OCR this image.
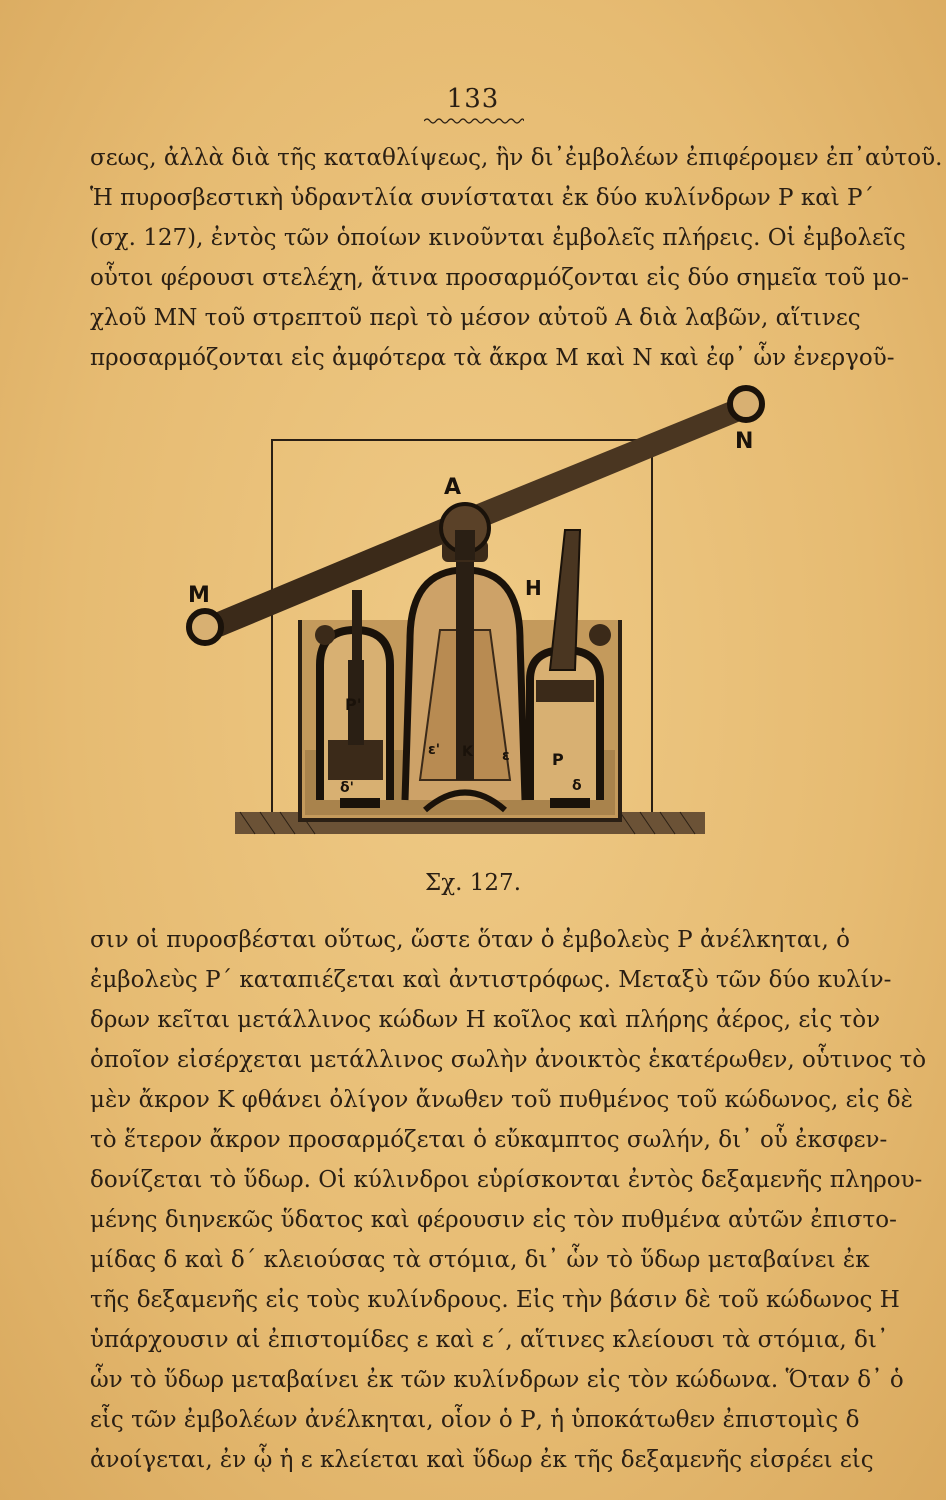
133
σεως, ἀλλὰ διὰ τῆς καταθλίψεως, ἣν δι᾽ἐμβολέων ἐπιφέρομεν ἐπ᾽αὐτοῦ.
Ἡ πυροσβεστικὴ ὑδραντλία συνίσταται ἐκ δύο κυλίνδρων Ρ καὶ Ρ΄
(σχ. 127), ἐντὸς τῶν ὁποίων κινοῦνται ἐμβολεῖς πλήρεις. Οἱ ἐμβολεῖς
οὗτοι φέρουσι στελέχη, ἅτινα προσαρμόζονται εἰς δύο σημεῖα τοῦ μο-
χλοῦ ΜΝ τοῦ στρεπτοῦ περὶ τὸ μέσον αὐτοῦ Α διὰ λαβῶν, αἵτινες
προσαρμόζονται εἰς ἀμφότερα τὰ ἄκρα Μ καὶ Ν καὶ ἐφ᾽ ὧν ἐνεργοῦ-
M
N
A
H
P'
P
K ε
ε'
δ'	δ
Σχ. 127.
σιν οἱ πυροσβέσται οὕτως, ὥστε ὅταν ὁ ἐμβολεὺς Ρ ἀνέλκηται, ὁ
ἐμβολεὺς Ρ΄ καταπιέζεται καὶ ἀντιστρόφως. Μεταξὺ τῶν δύο κυλίν-
δρων κεῖται μετάλλινος κώδων Η κοῖλος καὶ πλήρης ἀέρος, εἰς τὸν
ὁποῖον εἰσέρχεται μετάλλινος σωλὴν ἀνοικτὸς ἑκατέρωθεν, οὗτινος τὸ
μὲν ἄκρον Κ φθάνει ὀλίγον ἄνωθεν τοῦ πυθμένος τοῦ κώδωνος, εἰς δὲ
τὸ ἕτερον ἄκρον προσαρμόζεται ὁ εὔκαμπτος σωλήν, δι᾽ οὗ ἐκσφεν-
δονίζεται τὸ ὕδωρ. Οἱ κύλινδροι εὑρίσκονται ἐντὸς δεξαμενῆς πληρου-
μένης διηνεκῶς ὕδατος καὶ φέρουσιν εἰς τὸν πυθμένα αὐτῶν ἐπιστο-
μίδας δ καὶ δ΄ κλειούσας τὰ στόμια, δι᾽ ὧν τὸ ὕδωρ μεταβαίνει ἐκ
τῆς δεξαμενῆς εἰς τοὺς κυλίνδρους. Εἰς τὴν βάσιν δὲ τοῦ κώδωνος Η
ὑπάρχουσιν αἱ ἐπιστομίδες ε καὶ ε΄, αἵτινες κλείουσι τὰ στόμια, δι᾽
ὧν τὸ ὕδωρ μεταβαίνει ἐκ τῶν κυλίνδρων εἰς τὸν κώδωνα. Ὅταν δ᾽ ὁ
εἷς τῶν ἐμβολέων ἀνέλκηται, οἷον ὁ Ρ, ἡ ὑποκάτωθεν ἐπιστομὶς δ
ἀνοίγεται, ἐν ᾧ ἡ ε κλείεται καὶ ὕδωρ ἐκ τῆς δεξαμενῆς εἰσρέει εἰς
